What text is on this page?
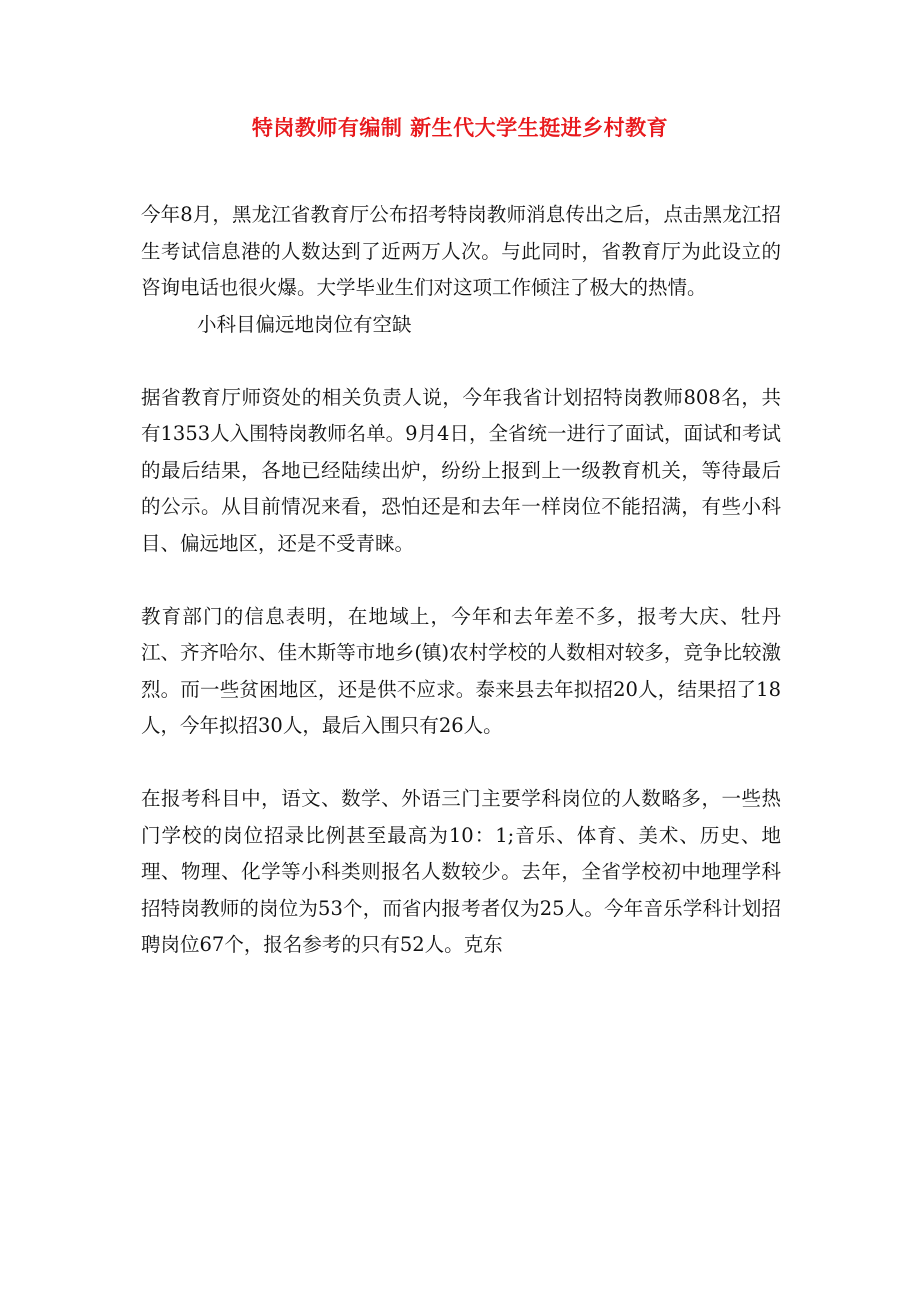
特岗教师有编制 新生代大学生挺进乡村教育

今年8月，黑龙江省教育厅公布招考特岗教师消息传出之后，点击黑龙江招生考试信息港的人数达到了近两万人次。与此同时，省教育厅为此设立的咨询电话也很火爆。大学毕业生们对这项工作倾注了极大的热情。

小科目偏远地岗位有空缺

据省教育厅师资处的相关负责人说，今年我省计划招特岗教师808名，共有1353人入围特岗教师名单。9月4日，全省统一进行了面试，面试和考试的最后结果，各地已经陆续出炉，纷纷上报到上一级教育机关，等待最后的公示。从目前情况来看，恐怕还是和去年一样岗位不能招满，有些小科目、偏远地区，还是不受青睐。

教育部门的信息表明，在地域上，今年和去年差不多，报考大庆、牡丹江、齐齐哈尔、佳木斯等市地乡(镇)农村学校的人数相对较多，竞争比较激烈。而一些贫困地区，还是供不应求。泰来县去年拟招20人，结果招了18人，今年拟招30人，最后入围只有26人。

在报考科目中，语文、数学、外语三门主要学科岗位的人数略多，一些热门学校的岗位招录比例甚至最高为10：1;音乐、体育、美术、历史、地理、物理、化学等小科类则报名人数较少。去年，全省学校初中地理学科招特岗教师的岗位为53个，而省内报考者仅为25人。今年音乐学科计划招聘岗位67个，报名参考的只有52人。克东
